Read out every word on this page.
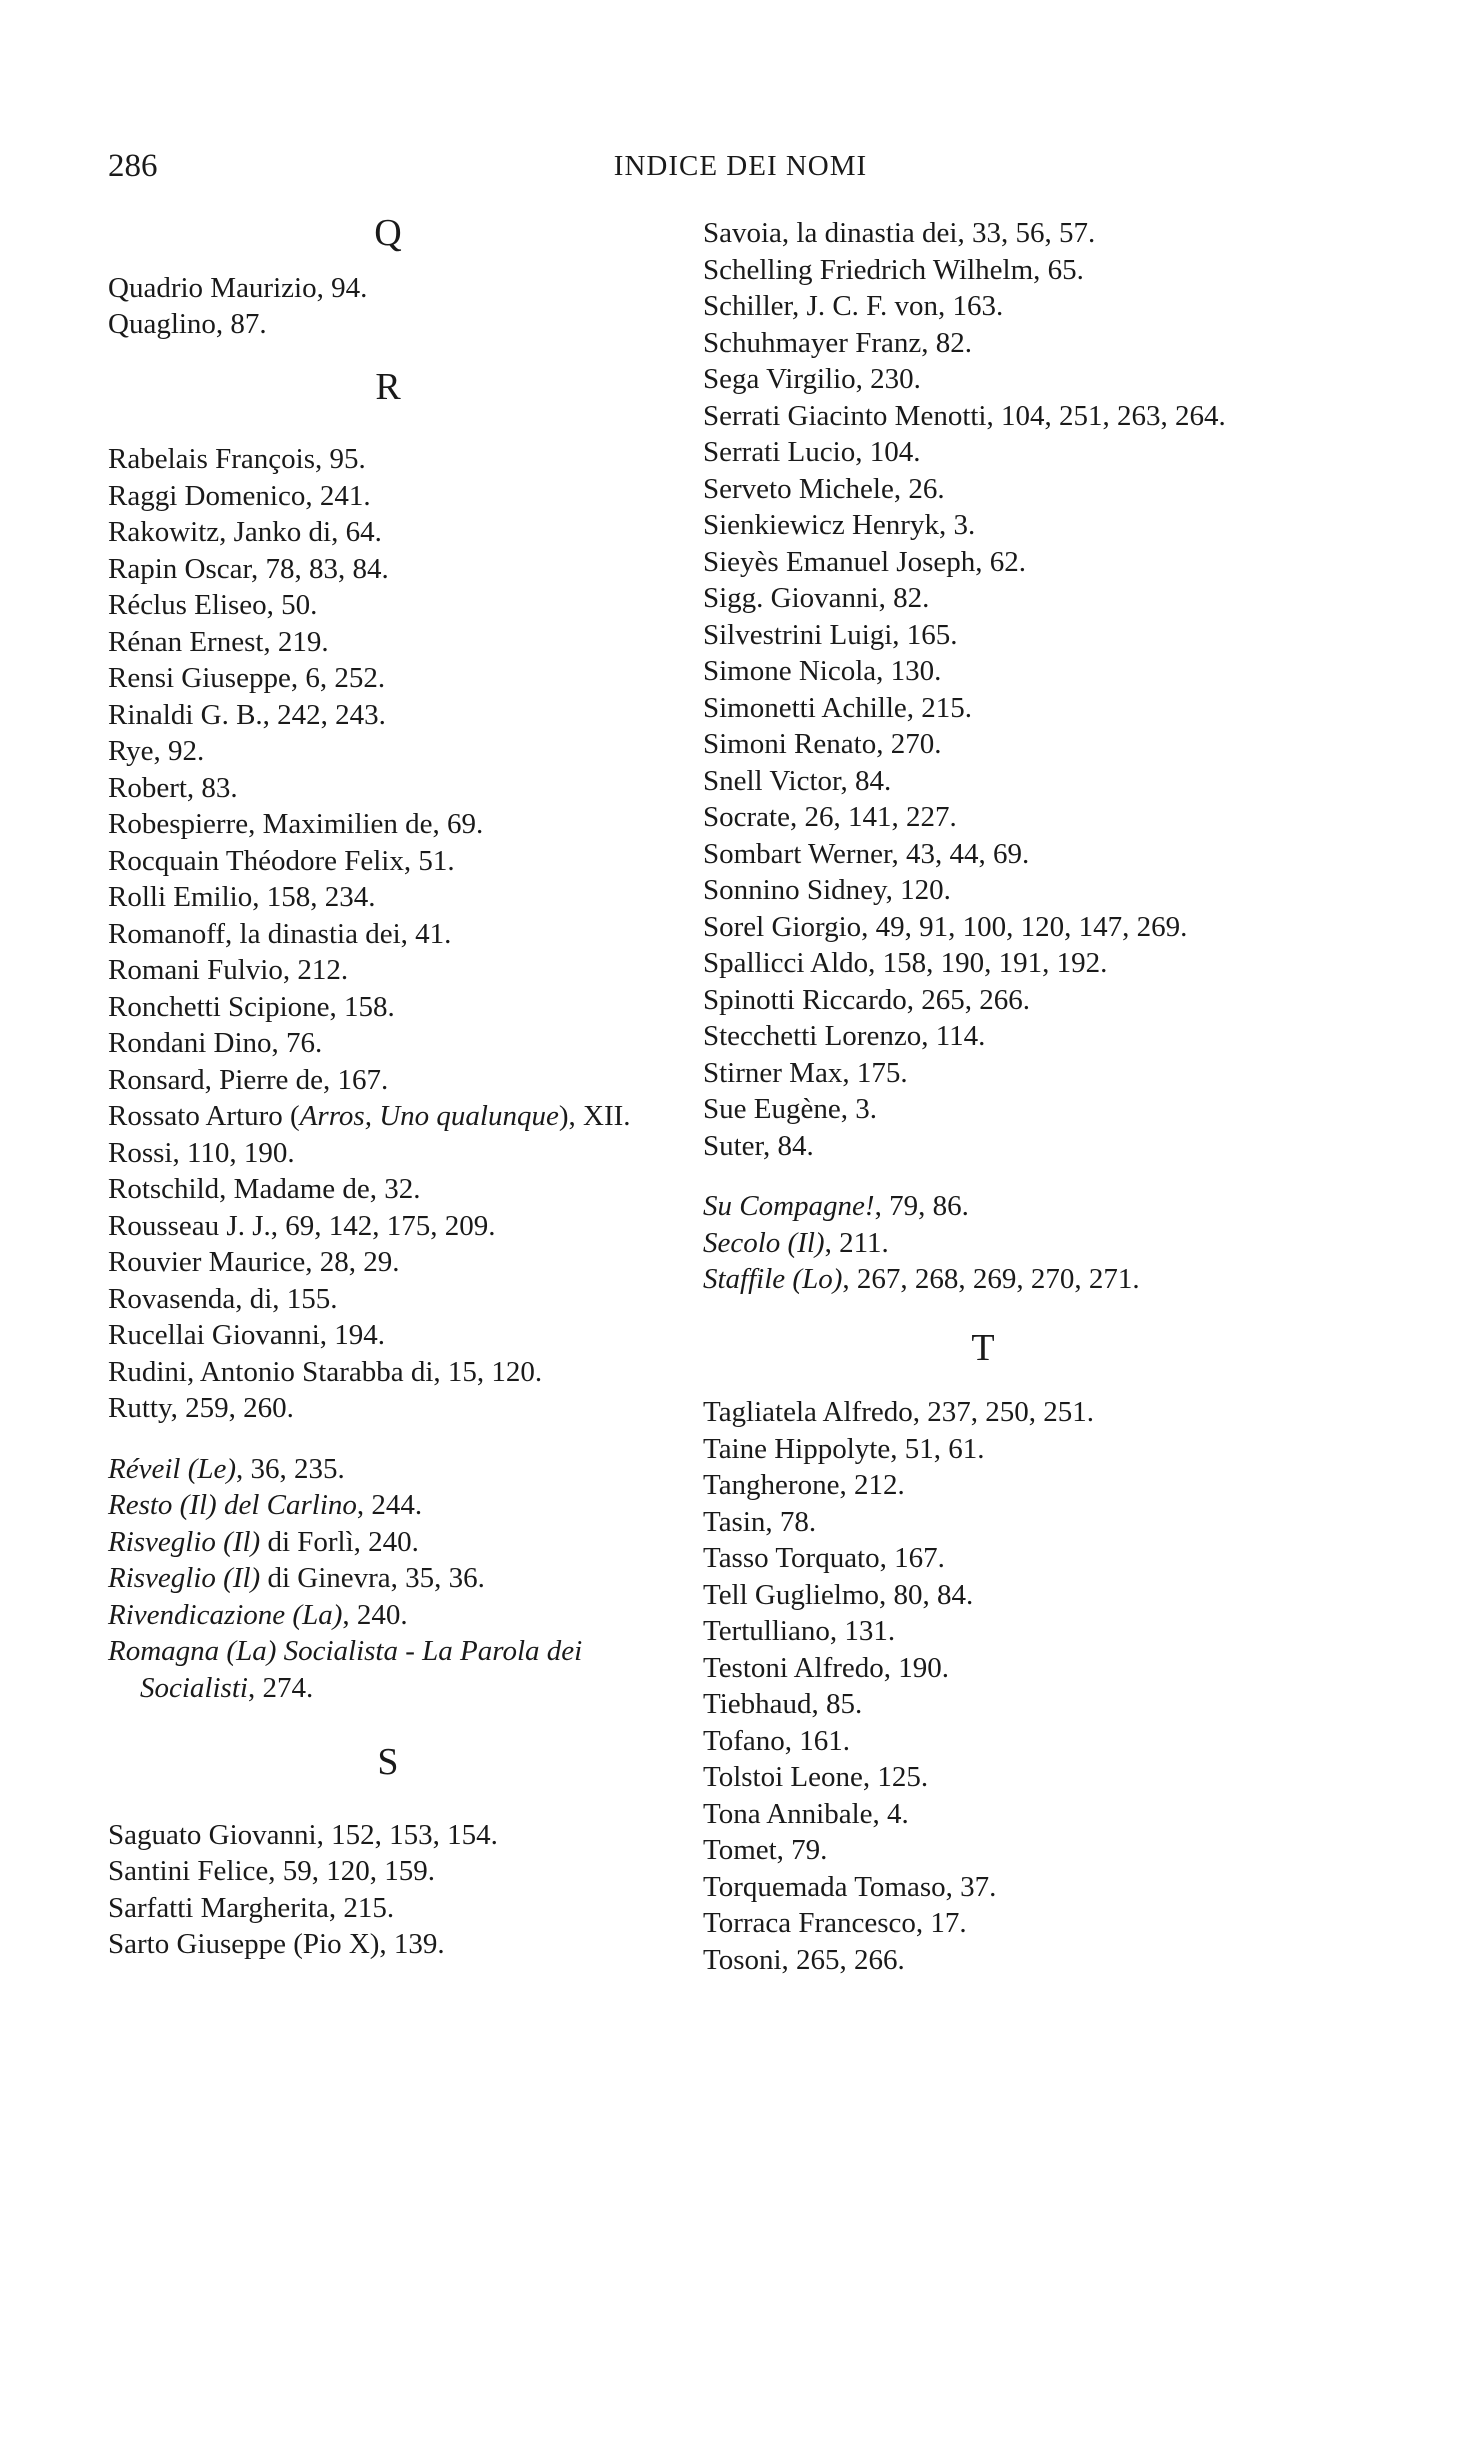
286	INDICE DEI NOMI
Q
Quadrio Maurizio, 94.
Quaglino, 87.
R
Rabelais François, 95.
Raggi Domenico, 241.
Rakowitz, Janko di, 64.
Rapin Oscar, 78, 83, 84.
Réclus Eliseo, 50.
Rénan Ernest, 219.
Rensi Giuseppe, 6, 252.
Rinaldi G. B., 242, 243.
Rye, 92.
Robert, 83.
Robespierre, Maximilien de, 69.
Rocquain Théodore Felix, 51.
Rolli Emilio, 158, 234.
Romanoff, la dinastia dei, 41.
Romani Fulvio, 212.
Ronchetti Scipione, 158.
Rondani Dino, 76.
Ronsard, Pierre de, 167.
Rossato Arturo (Arros, Uno qualunque), XII.
Rossi, 110, 190.
Rotschild, Madame de, 32.
Rousseau J. J., 69, 142, 175, 209.
Rouvier Maurice, 28, 29.
Rovasenda, di, 155.
Rucellai Giovanni, 194.
Rudini, Antonio Starabba di, 15, 120.
Rutty, 259, 260.
Réveil (Le), 36, 235.
Resto (Il) del Carlino, 244.
Risveglio (Il) di Forlì, 240.
Risveglio (Il) di Ginevra, 35, 36.
Rivendicazione (La), 240.
Romagna (La) Socialista - La Parola dei Socialisti, 274.
S
Saguato Giovanni, 152, 153, 154.
Santini Felice, 59, 120, 159.
Sarfatti Margherita, 215.
Sarto Giuseppe (Pio X), 139.
Savoia, la dinastia dei, 33, 56, 57.
Schelling Friedrich Wilhelm, 65.
Schiller, J. C. F. von, 163.
Schuhmayer Franz, 82.
Sega Virgilio, 230.
Serrati Giacinto Menotti, 104, 251, 263, 264.
Serrati Lucio, 104.
Serveto Michele, 26.
Sienkiewicz Henryk, 3.
Sieyès Emanuel Joseph, 62.
Sigg. Giovanni, 82.
Silvestrini Luigi, 165.
Simone Nicola, 130.
Simonetti Achille, 215.
Simoni Renato, 270.
Snell Victor, 84.
Socrate, 26, 141, 227.
Sombart Werner, 43, 44, 69.
Sonnino Sidney, 120.
Sorel Giorgio, 49, 91, 100, 120, 147, 269.
Spallicci Aldo, 158, 190, 191, 192.
Spinotti Riccardo, 265, 266.
Stecchetti Lorenzo, 114.
Stirner Max, 175.
Sue Eugène, 3.
Suter, 84.
Su Compagne!, 79, 86.
Secolo (Il), 211.
Staffile (Lo), 267, 268, 269, 270, 271.
T
Tagliatela Alfredo, 237, 250, 251.
Taine Hippolyte, 51, 61.
Tangherone, 212.
Tasin, 78.
Tasso Torquato, 167.
Tell Guglielmo, 80, 84.
Tertulliano, 131.
Testoni Alfredo, 190.
Tiebhaud, 85.
Tofano, 161.
Tolstoi Leone, 125.
Tona Annibale, 4.
Tomet, 79.
Torquemada Tomaso, 37.
Torraca Francesco, 17.
Tosoni, 265, 266.
